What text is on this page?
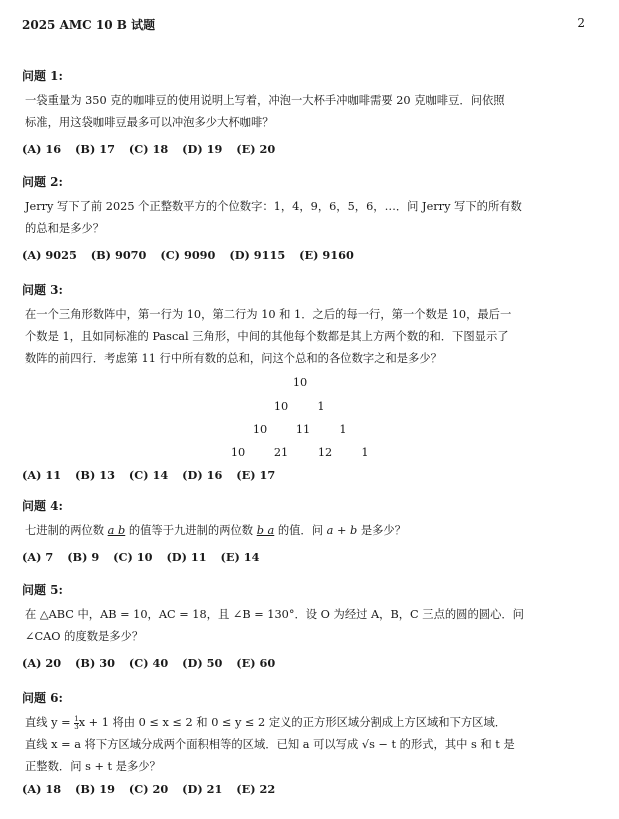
2025 AMC 10 B 试题	2
问题 1:
一袋重量为 350 克的咖啡豆的使用说明上写着，冲泡一大杯手冲咖啡需要 20 克咖啡豆．问依照
标准，用这袋咖啡豆最多可以冲泡多少大杯咖啡？
(A) 16 (B) 17 (C) 18 (D) 19 (E) 20
问题 2:
Jerry 写下了前 2025 个正整数平方的个位数字：1，4，9，6，5，6，…．问 Jerry 写下的所有数
的总和是多少？
(A) 9025 (B) 9070 (C) 9090 (D) 9115 (E) 9160
问题 3:
在一个三角形数阵中，第一行为 10，第二行为 10 和 1．之后的每一行，第一个数是 10，最后一
个数是 1，且如同标准的 Pascal 三角形，中间的其他每个数都是其上方两个数的和．下图显示了
数阵的前四行．考虑第 11 行中所有数的总和，问这个总和的各位数字之和是多少？
10
10	1
10	11	1
10	21	12	1
(A) 11 (B) 13 (C) 14 (D) 16 (E) 17
问题 4:
七进制的两位数 a b 的值等于九进制的两位数 b a 的值．问 a + b 是多少？
(A) 7 (B) 9 (C) 10 (D) 11 (E) 14
问题 5:
在 △ABC 中，AB = 10，AC = 18，且 ∠B = 130°．设 O 为经过 A，B，C 三点的圆的圆心．问
∠CAO 的度数是多少？
(A) 20 (B) 30 (C) 40 (D) 50 (E) 60
问题 6:
直线 $y = \frac{1}{3}$ x + 1 将由 0 ≤ x ≤ 2 和 0 ≤ y ≤ 2 定义的正方形区域分割成上方区域和下方区域．
直线 x = a 将下方区域分成两个面积相等的区域．已知 a 可以写成 √s − t 的形式，其中 s 和 t 是
正整数．问 s + t 是多少？
(A) 18 (B) 19 (C) 20 (D) 21 (E) 22
